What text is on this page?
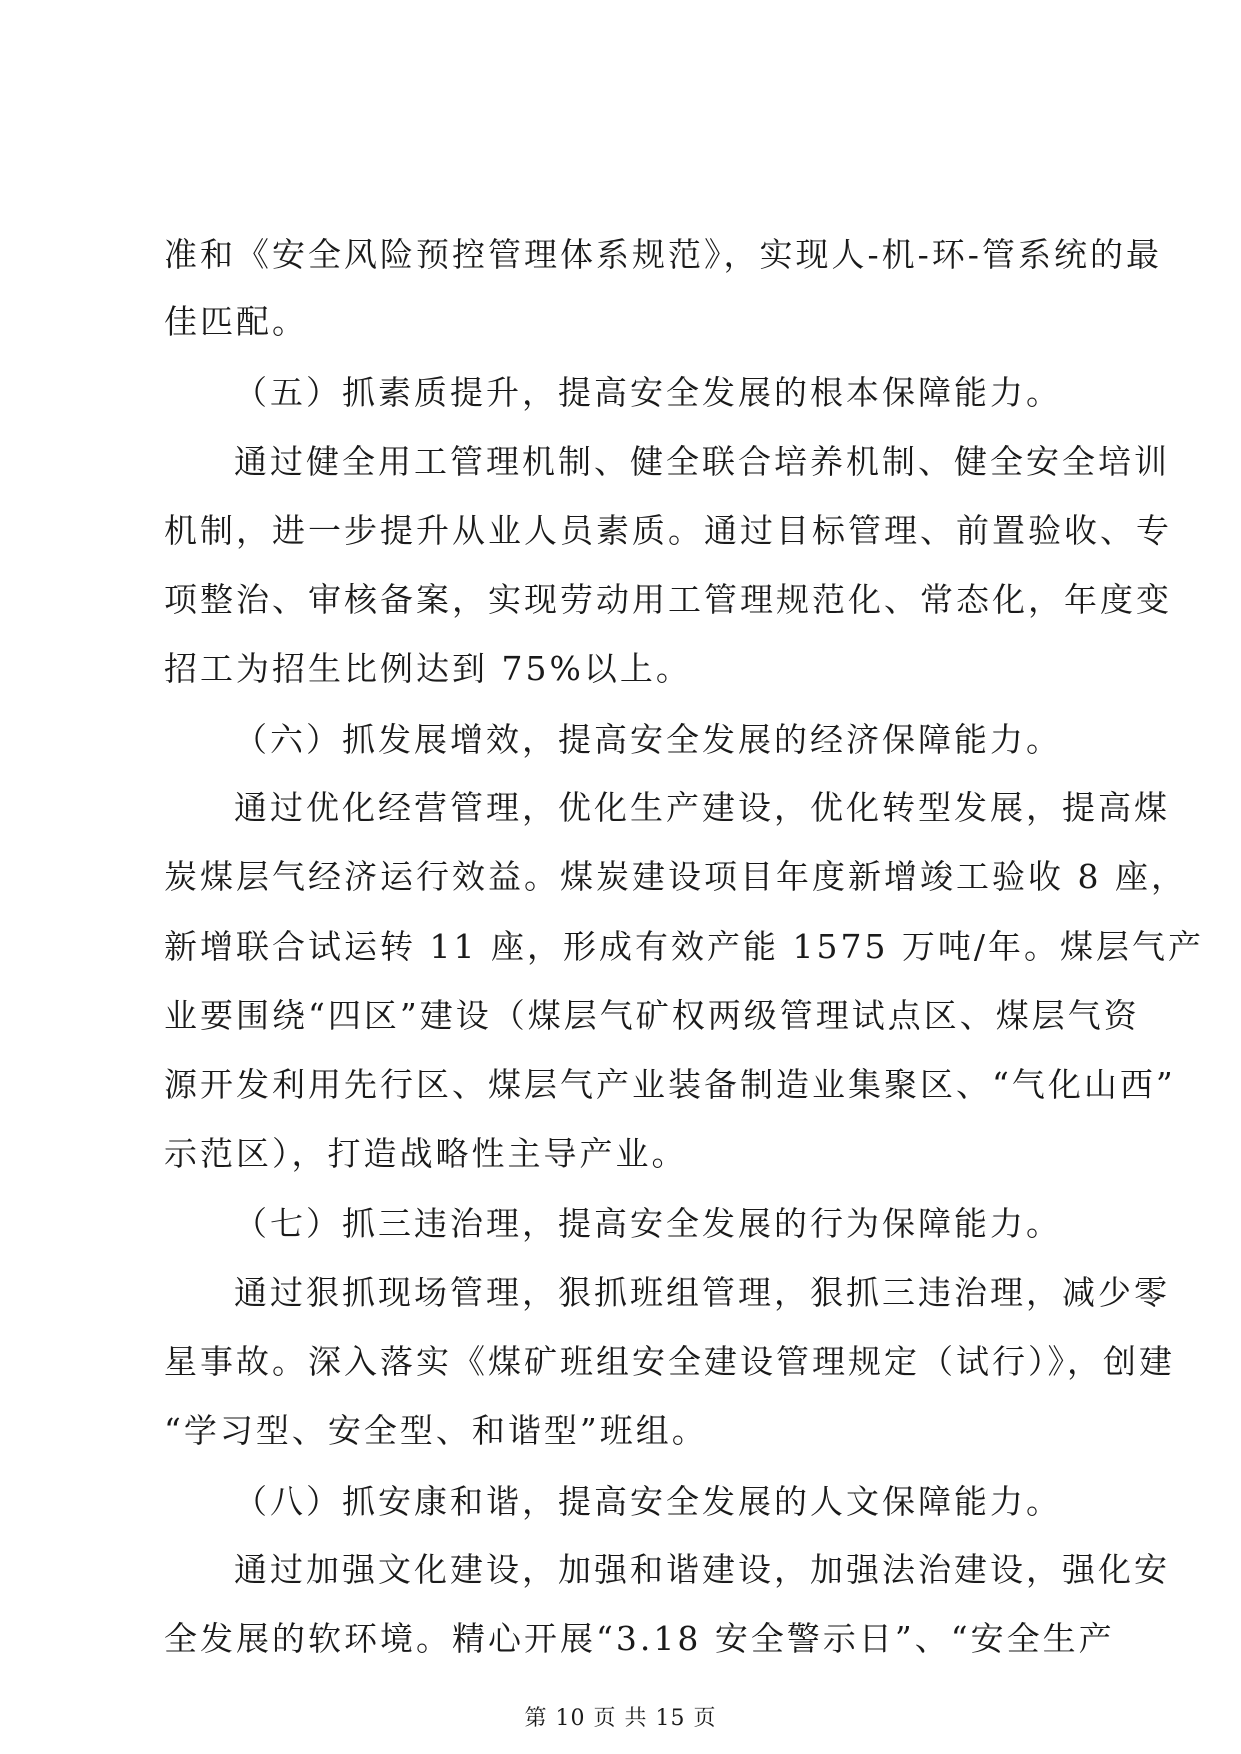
准和《安全风险预控管理体系规范》，实现人-机-环-管系统的最
佳匹配。
（五）抓素质提升，提高安全发展的根本保障能力。
通过健全用工管理机制、健全联合培养机制、健全安全培训
机制，进一步提升从业人员素质。通过目标管理、前置验收、专
项整治、审核备案，实现劳动用工管理规范化、常态化，年度变
招工为招生比例达到 75%以上。
（六）抓发展增效，提高安全发展的经济保障能力。
通过优化经营管理，优化生产建设，优化转型发展，提高煤
炭煤层气经济运行效益。煤炭建设项目年度新增竣工验收 8 座，
新增联合试运转 11 座，形成有效产能 1575 万吨/年。煤层气产
业要围绕“四区”建设（煤层气矿权两级管理试点区、煤层气资
源开发利用先行区、煤层气产业装备制造业集聚区、“气化山西”
示范区），打造战略性主导产业。
（七）抓三违治理，提高安全发展的行为保障能力。
通过狠抓现场管理，狠抓班组管理，狠抓三违治理，减少零
星事故。深入落实《煤矿班组安全建设管理规定（试行）》，创建
“学习型、安全型、和谐型”班组。
（八）抓安康和谐，提高安全发展的人文保障能力。
通过加强文化建设，加强和谐建设，加强法治建设，强化安
全发展的软环境。精心开展“3.18 安全警示日”、“安全生产
第 10 页 共 15 页
